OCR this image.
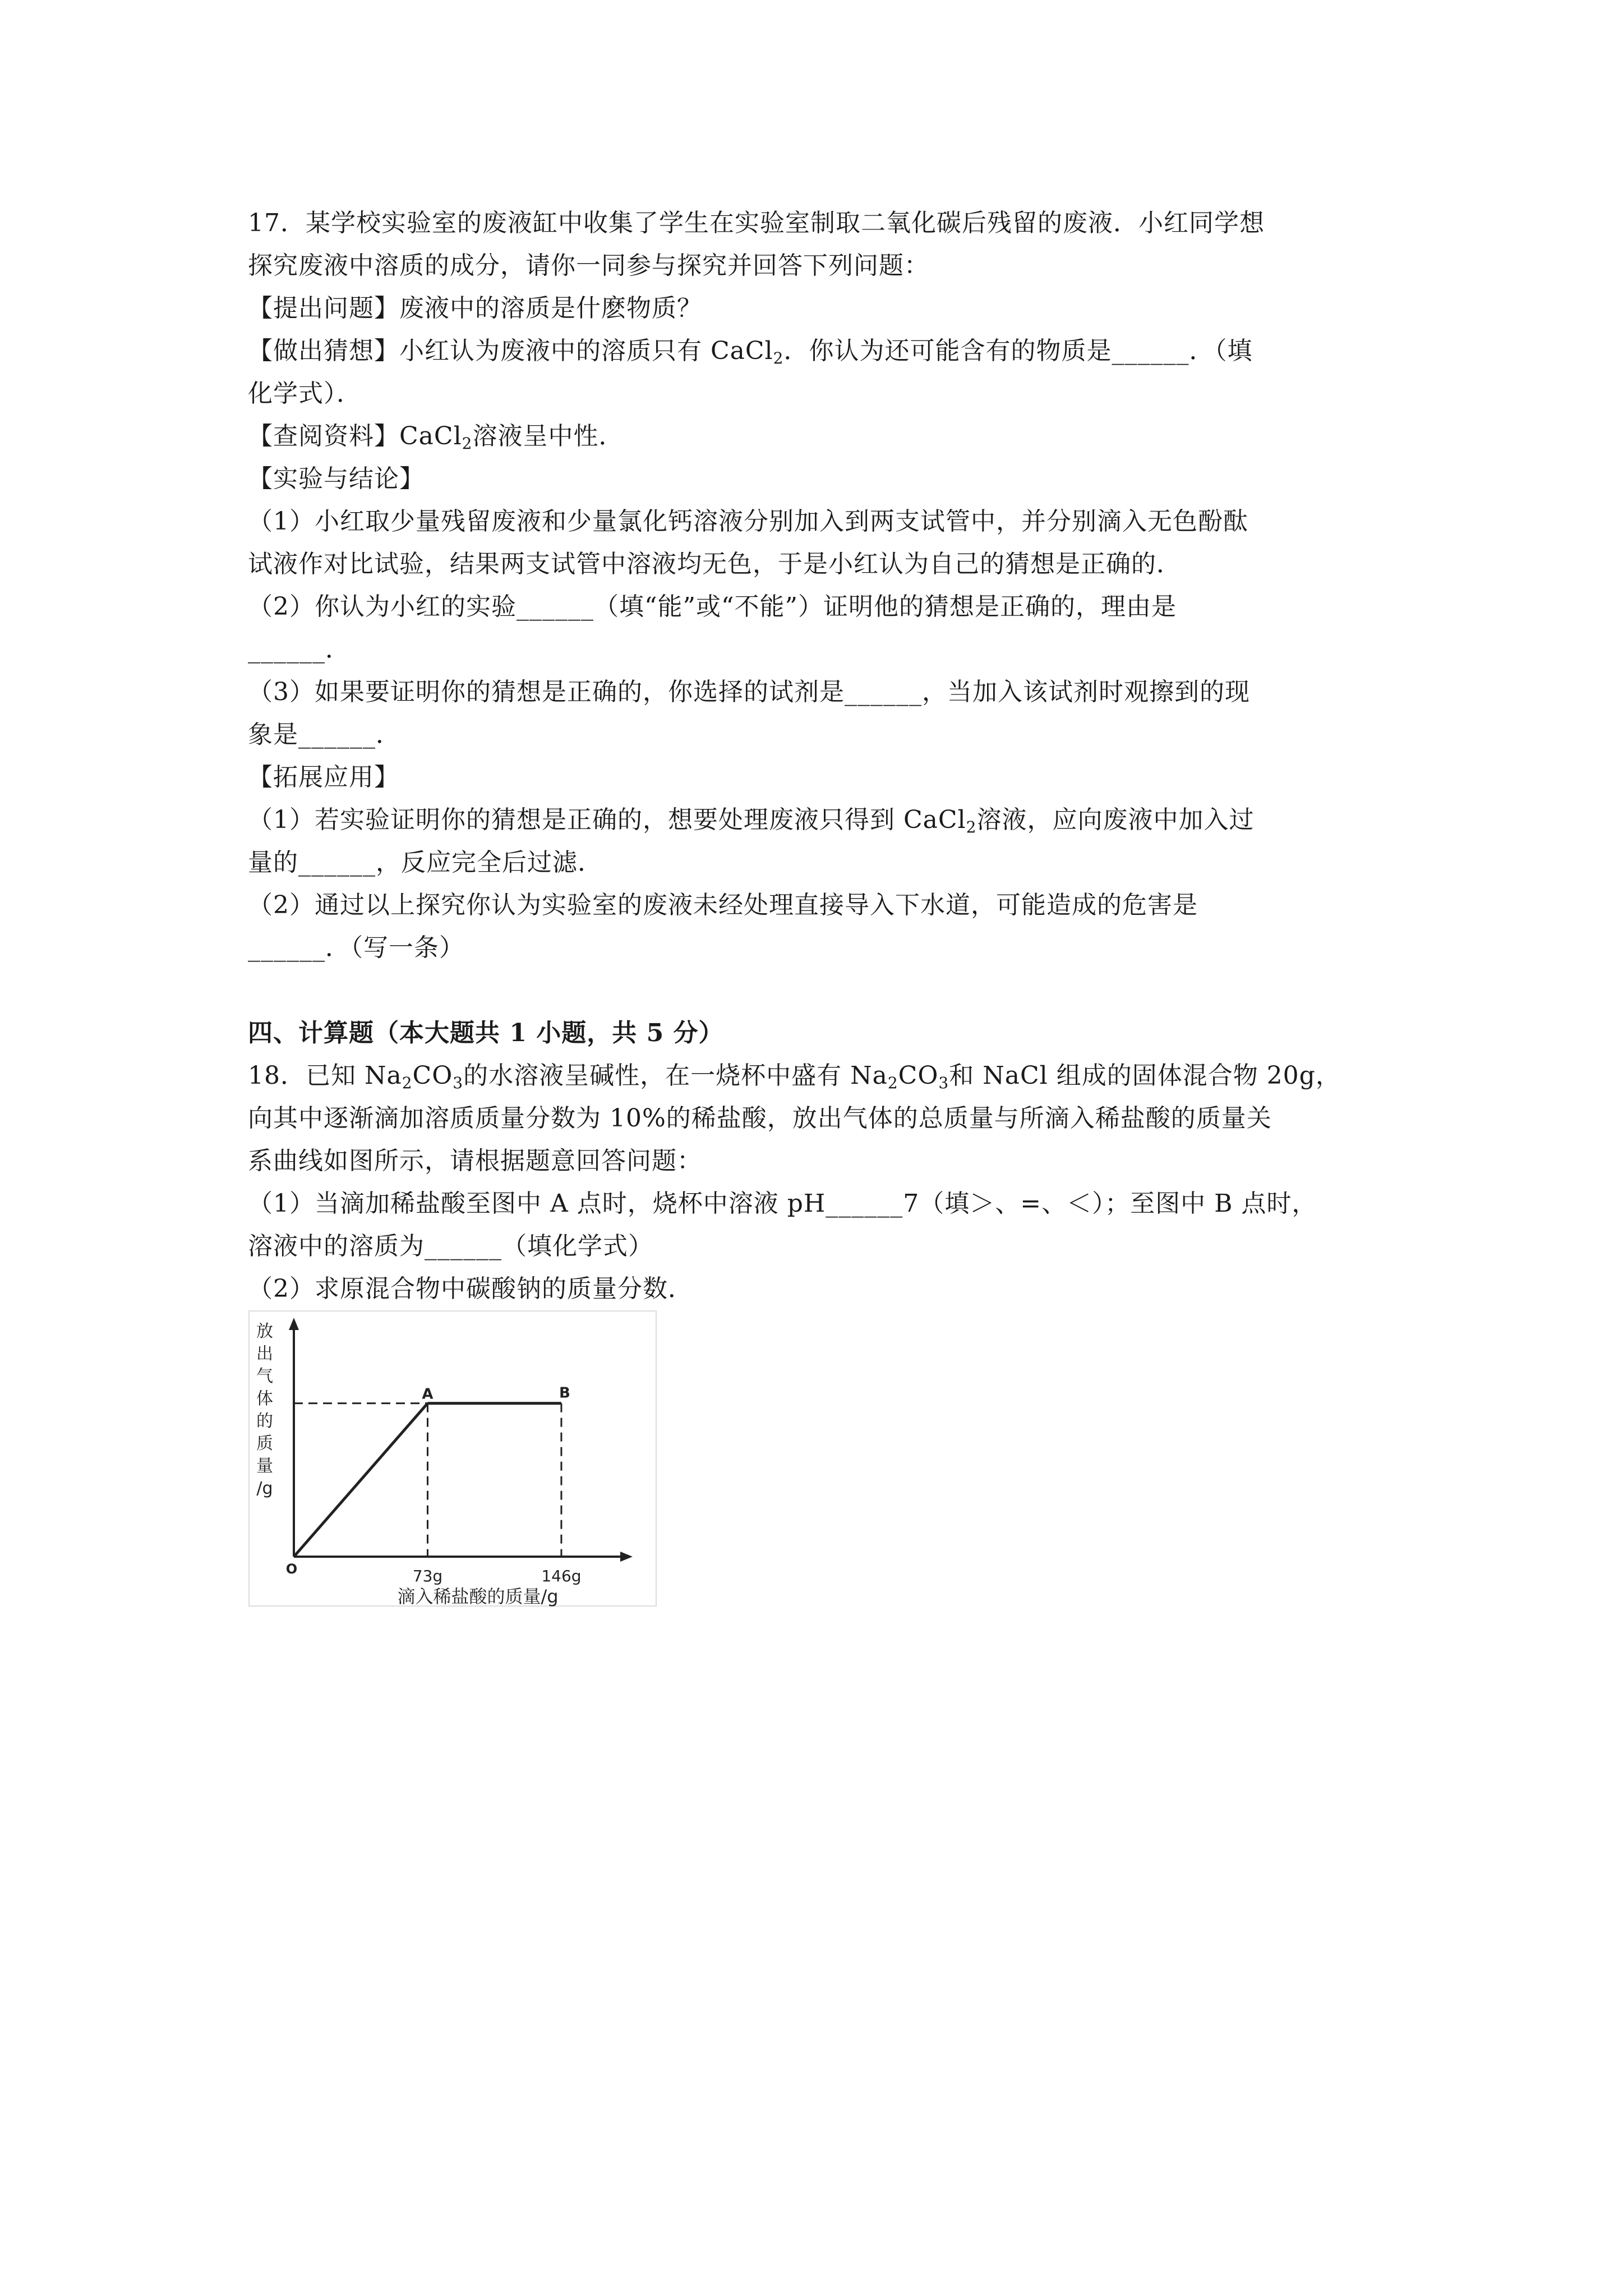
17．某学校实验室的废液缸中收集了学生在实验室制取二氧化碳后残留的废液．小红同学想
探究废液中溶质的成分，请你一同参与探究并回答下列问题：
【提出问题】废液中的溶质是什麽物质？
【做出猜想】小红认为废液中的溶质只有 CaCl$_2$．你认为还可能含有的物质是______．（填
化学式）．
【查阅资料】CaCl$_2$溶液呈中性．
【实验与结论】
（1）小红取少量残留废液和少量氯化钙溶液分别加入到两支试管中，并分别滴入无色酚酞
试液作对比试验，结果两支试管中溶液均无色，于是小红认为自己的猜想是正确的．
（2）你认为小红的实验______（填“能”或“不能”）证明他的猜想是正确的，理由是
______．
（3）如果要证明你的猜想是正确的，你选择的试剂是______，当加入该试剂时观擦到的现
象是______．
【拓展应用】
（1）若实验证明你的猜想是正确的，想要处理废液只得到 CaCl$_2$溶液，应向废液中加入过
量的______，反应完全后过滤．
（2）通过以上探究你认为实验室的废液未经处理直接导入下水道，可能造成的危害是
______．（写一条）
四、计算题（本大题共 1 小题，共 5 分）
18．已知 $Na_2CO_3$的水溶液呈碱性，在一烧杯中盛有 $Na_2CO_3$和 NaCl 组成的固体混合物 20g，
向其中逐渐滴加溶质质量分数为 10%的稀盐酸，放出气体的总质量与所滴入稀盐酸的质量关
系曲线如图所示，请根据题意回答问题：
（1）当滴加稀盐酸至图中 A 点时，烧杯中溶液 pH______7（填＞、=、＜）；至图中 B 点时，
溶液中的溶质为______（填化学式）
（2）求原混合物中碳酸钠的质量分数．
放
出
气
体
的
质
量
/g
A	B
O	73g	146g
滴入稀盐酸的质量/g
